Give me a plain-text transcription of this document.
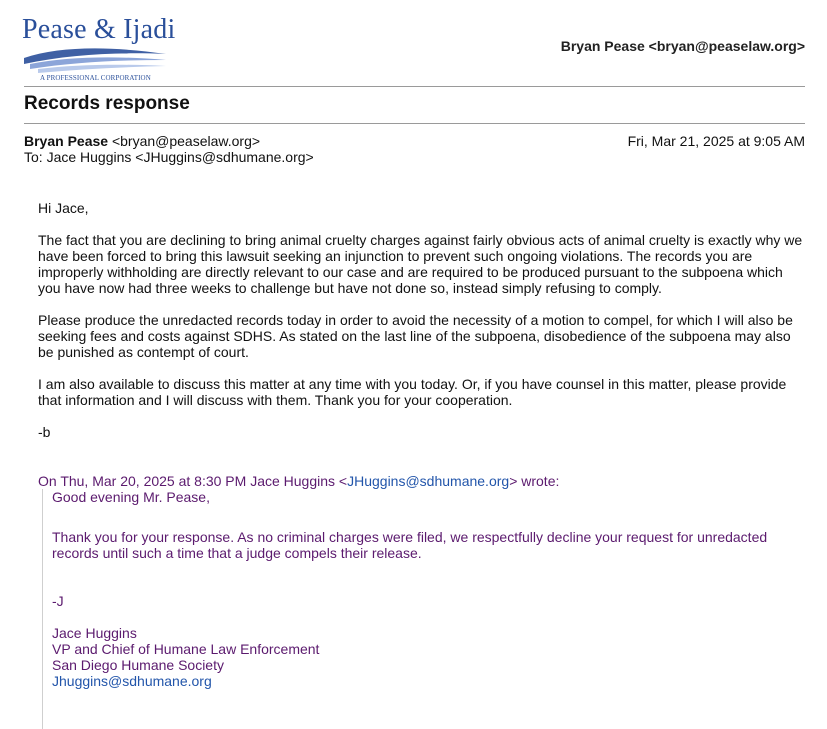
Pease & Ijadi
A PROFESSIONAL CORPORATION
Bryan Pease <bryan@peaselaw.org>
Records response
Bryan Pease <bryan@peaselaw.org>	Fri, Mar 21, 2025 at 9:05 AM
To: Jace Huggins <JHuggins@sdhumane.org>

Hi Jace,

The fact that you are declining to bring animal cruelty charges against fairly obvious acts of animal cruelty is exactly why we have been forced to bring this lawsuit seeking an injunction to prevent such ongoing violations. The records you are improperly withholding are directly relevant to our case and are required to be produced pursuant to the subpoena which you have now had three weeks to challenge but have not done so, instead simply refusing to comply.

Please produce the unredacted records today in order to avoid the necessity of a motion to compel, for which I will also be seeking fees and costs against SDHS. As stated on the last line of the subpoena, disobedience of the subpoena may also be punished as contempt of court.

I am also available to discuss this matter at any time with you today. Or, if you have counsel in this matter, please provide that information and I will discuss with them. Thank you for your cooperation.

-b

On Thu, Mar 20, 2025 at 8:30 PM Jace Huggins <JHuggins@sdhumane.org> wrote:

Good evening Mr. Pease,

Thank you for your response. As no criminal charges were filed, we respectfully decline your request for unredacted records until such a time that a judge compels their release.

-J

Jace Huggins

VP and Chief of Humane Law Enforcement

San Diego Humane Society

Jhuggins@sdhumane.org
